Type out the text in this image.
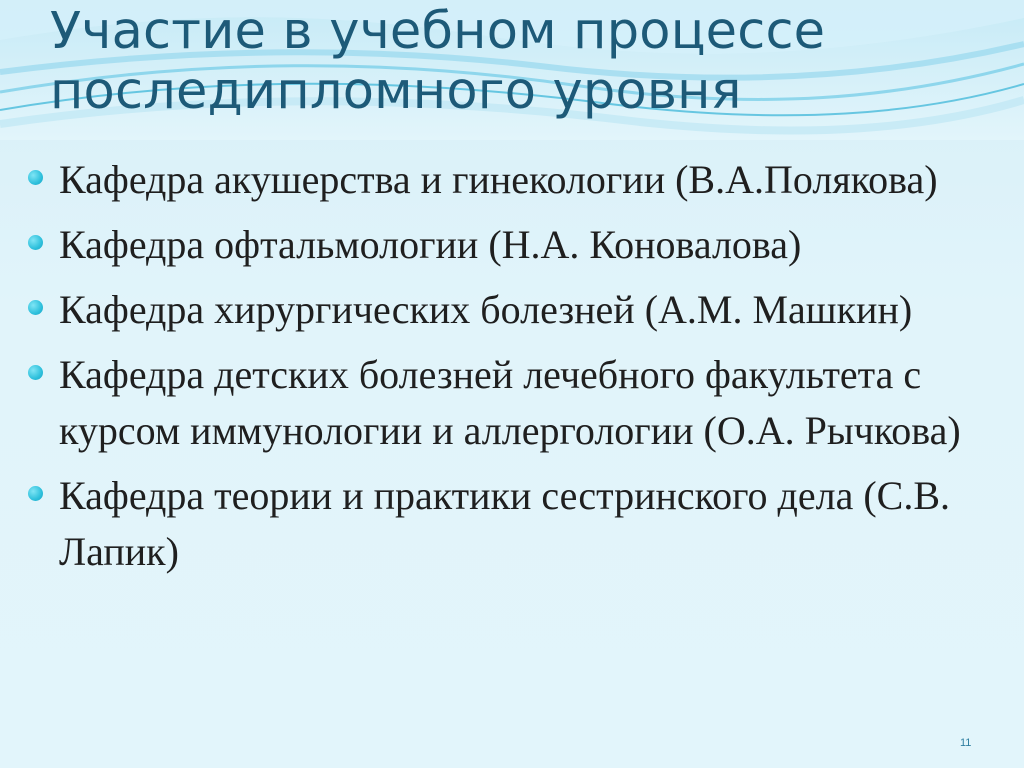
Участие в учебном процессе
последипломного уровня
Кафедра акушерства и гинекологии (В.А.Полякова)
Кафедра офтальмологии (Н.А. Коновалова)
Кафедра хирургических болезней (А.М. Машкин)
Кафедра детских болезней лечебного факультета с курсом иммунологии и аллергологии (О.А. Рычкова)
Кафедра теории и практики сестринского дела (С.В. Лапик)
11
